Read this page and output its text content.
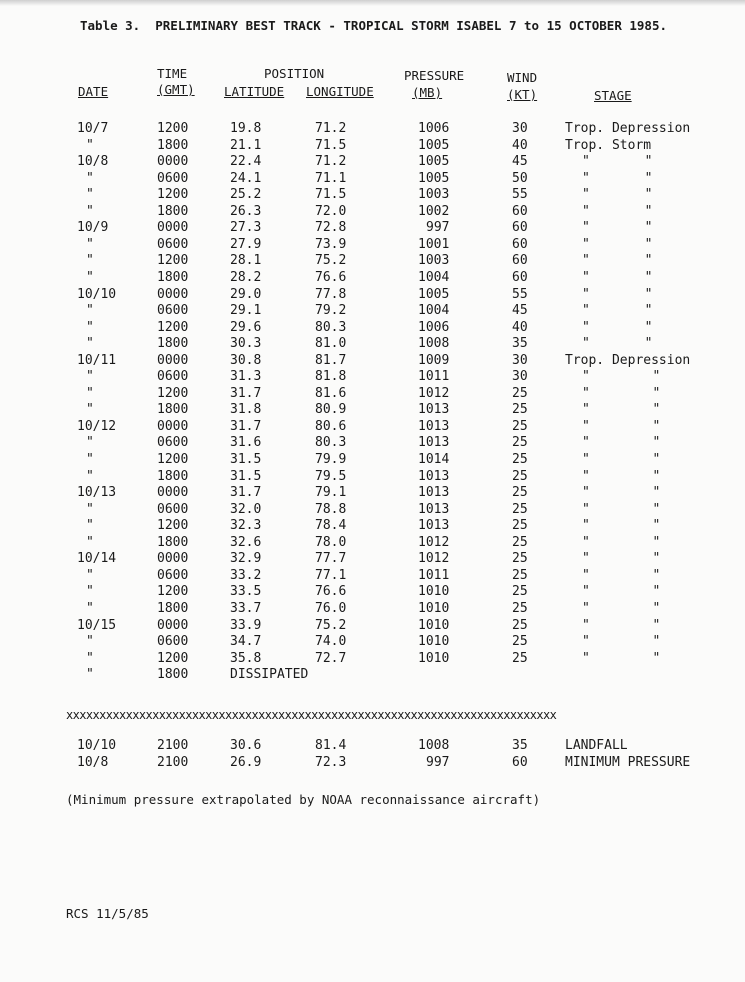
Table 3.  PRELIMINARY BEST TRACK - TROPICAL STORM ISABEL 7 to 15 OCTOBER 1985.
TIME
(GMT)
DATE
POSITION
LATITUDE LONGITUDE
PRESSURE
(MB)
WIND
(KT)	STAGE
10/7	1200	19.8	71.2	1006	30	Trop. Depression
"	1800	21.1	71.5	1005	40	Trop. Storm
10/8	0000	22.4	71.2	1005	45	"       "
"	0600	24.1	71.1	1005	50	"       "
"	1200	25.2	71.5	1003	55	"       "
"	1800	26.3	72.0	1002	60	"       "
10/9	0000	27.3	72.8	997	60	"       "
"	0600	27.9	73.9	1001	60	"       "
"	1200	28.1	75.2	1003	60	"       "
"	1800	28.2	76.6	1004	60	"       "
10/10	0000	29.0	77.8	1005	55	"       "
"	0600	29.1	79.2	1004	45	"       "
"	1200	29.6	80.3	1006	40	"       "
"	1800	30.3	81.0	1008	35	"       "
10/11	0000	30.8	81.7	1009	30	Trop. Depression
"	0600	31.3	81.8	1011	30	"        "
"	1200	31.7	81.6	1012	25	"        "
"	1800	31.8	80.9	1013	25	"        "
10/12	0000	31.7	80.6	1013	25	"        "
"	0600	31.6	80.3	1013	25	"        "
"	1200	31.5	79.9	1014	25	"        "
"	1800	31.5	79.5	1013	25	"        "
10/13	0000	31.7	79.1	1013	25	"        "
"	0600	32.0	78.8	1013	25	"        "
"	1200	32.3	78.4	1013	25	"        "
"	1800	32.6	78.0	1012	25	"        "
10/14	0000	32.9	77.7	1012	25	"        "
"	0600	33.2	77.1	1011	25	"        "
"	1200	33.5	76.6	1010	25	"        "
"	1800	33.7	76.0	1010	25	"        "
10/15	0000	33.9	75.2	1010	25	"        "
"	0600	34.7	74.0	1010	25	"        "
"	1200	35.8	72.7	1010	25	"        "
"	1800	DISSIPATED
xxxxxxxxxxxxxxxxxxxxxxxxxxxxxxxxxxxxxxxxxxxxxxxxxxxxxxxxxxxxxxxxxxxxxxxxxx
10/10	2100	30.6	81.4	1008	35	LANDFALL
10/8	2100	26.9	72.3	997	60	MINIMUM PRESSURE
(Minimum pressure extrapolated by NOAA reconnaissance aircraft)
RCS 11/5/85
